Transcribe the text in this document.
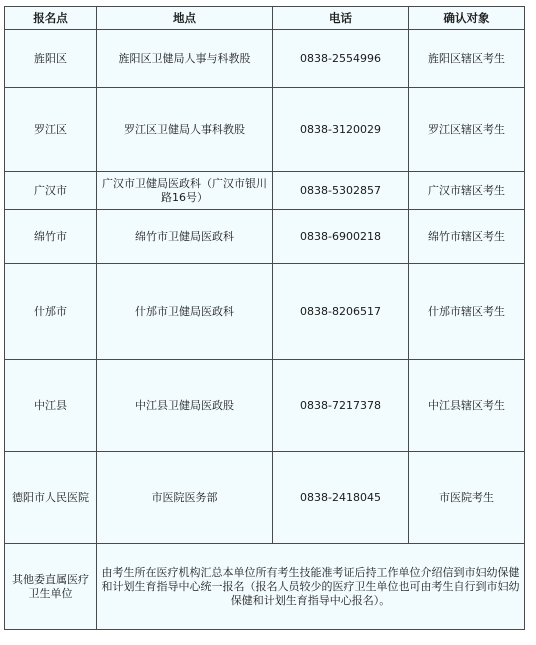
报名点	地点	电话	确认对象
旌阳区	旌阳区卫健局人事与科教股	0838-2554996	旌阳区辖区考生
罗江区	罗江区卫健局人事科教股	0838-3120029	罗江区辖区考生
广汉市	广汉市卫健局医政科（广汉市银川路16号）	0838-5302857	广汉市辖区考生
绵竹市	绵竹市卫健局医政科	0838-6900218	绵竹市辖区考生
什邡市	什邡市卫健局医政科	0838-8206517	什邡市辖区考生
中江县	中江县卫健局医政股	0838-7217378	中江县辖区考生
德阳市人民医院	市医院医务部	0838-2418045	市医院考生
其他委直属医疗卫生单位	由考生所在医疗机构汇总本单位所有考生技能准考证后持工作单位介绍信到市妇幼保健和计划生育指导中心统一报名（报名人员较少的医疗卫生单位也可由考生自行到市妇幼保健和计划生育指导中心报名）。		
